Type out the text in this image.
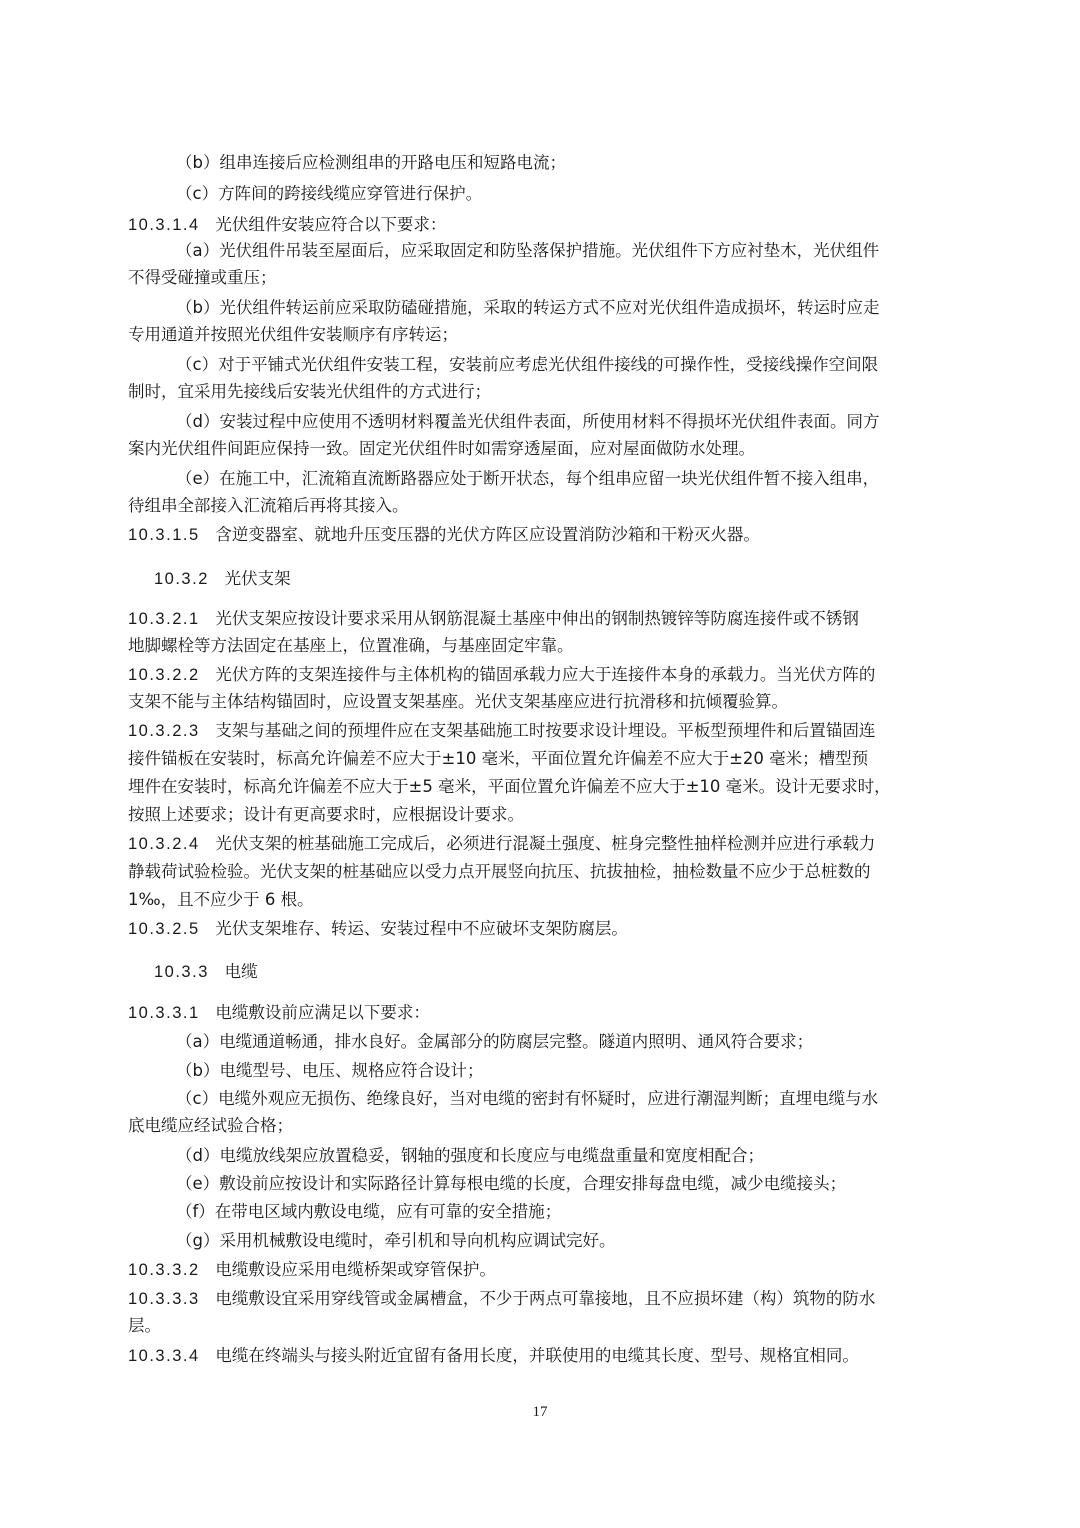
（b）组串连接后应检测组串的开路电压和短路电流；
（c）方阵间的跨接线缆应穿管进行保护。
10.3.1.4 光伏组件安装应符合以下要求：
（a）光伏组件吊装至屋面后，应采取固定和防坠落保护措施。光伏组件下方应衬垫木，光伏组件
不得受碰撞或重压；
（b）光伏组件转运前应采取防磕碰措施，采取的转运方式不应对光伏组件造成损坏，转运时应走
专用通道并按照光伏组件安装顺序有序转运；
（c）对于平铺式光伏组件安装工程，安装前应考虑光伏组件接线的可操作性，受接线操作空间限
制时，宜采用先接线后安装光伏组件的方式进行；
（d）安装过程中应使用不透明材料覆盖光伏组件表面，所使用材料不得损坏光伏组件表面。同方
案内光伏组件间距应保持一致。固定光伏组件时如需穿透屋面，应对屋面做防水处理。
（e）在施工中，汇流箱直流断路器应处于断开状态，每个组串应留一块光伏组件暂不接入组串，
待组串全部接入汇流箱后再将其接入。
10.3.1.5 含逆变器室、就地升压变压器的光伏方阵区应设置消防沙箱和干粉灭火器。
10.3.2 光伏支架
10.3.2.1 光伏支架应按设计要求采用从钢筋混凝土基座中伸出的钢制热镀锌等防腐连接件或不锈钢
地脚螺栓等方法固定在基座上，位置准确，与基座固定牢靠。
10.3.2.2 光伏方阵的支架连接件与主体机构的锚固承载力应大于连接件本身的承载力。当光伏方阵的
支架不能与主体结构锚固时，应设置支架基座。光伏支架基座应进行抗滑移和抗倾覆验算。
10.3.2.3 支架与基础之间的预埋件应在支架基础施工时按要求设计埋设。平板型预埋件和后置锚固连
接件锚板在安装时，标高允许偏差不应大于±10 毫米，平面位置允许偏差不应大于±20 毫米；槽型预
埋件在安装时，标高允许偏差不应大于±5 毫米，平面位置允许偏差不应大于±10 毫米。设计无要求时，
按照上述要求；设计有更高要求时，应根据设计要求。
10.3.2.4 光伏支架的桩基础施工完成后，必须进行混凝土强度、桩身完整性抽样检测并应进行承载力
静载荷试验检验。光伏支架的桩基础应以受力点开展竖向抗压、抗拔抽检，抽检数量不应少于总桩数的
1‰，且不应少于 6 根。
10.3.2.5 光伏支架堆存、转运、安装过程中不应破坏支架防腐层。
10.3.3 电缆
10.3.3.1 电缆敷设前应满足以下要求：
（a）电缆通道畅通，排水良好。金属部分的防腐层完整。隧道内照明、通风符合要求；
（b）电缆型号、电压、规格应符合设计；
（c）电缆外观应无损伤、绝缘良好，当对电缆的密封有怀疑时，应进行潮湿判断；直埋电缆与水
底电缆应经试验合格；
（d）电缆放线架应放置稳妥，钢轴的强度和长度应与电缆盘重量和宽度相配合；
（e）敷设前应按设计和实际路径计算每根电缆的长度，合理安排每盘电缆，减少电缆接头；
（f）在带电区域内敷设电缆，应有可靠的安全措施；
（g）采用机械敷设电缆时，牵引机和导向机构应调试完好。
10.3.3.2 电缆敷设应采用电缆桥架或穿管保护。
10.3.3.3 电缆敷设宜采用穿线管或金属槽盒，不少于两点可靠接地，且不应损坏建（构）筑物的防水
层。
10.3.3.4 电缆在终端头与接头附近宜留有备用长度，并联使用的电缆其长度、型号、规格宜相同。
17
